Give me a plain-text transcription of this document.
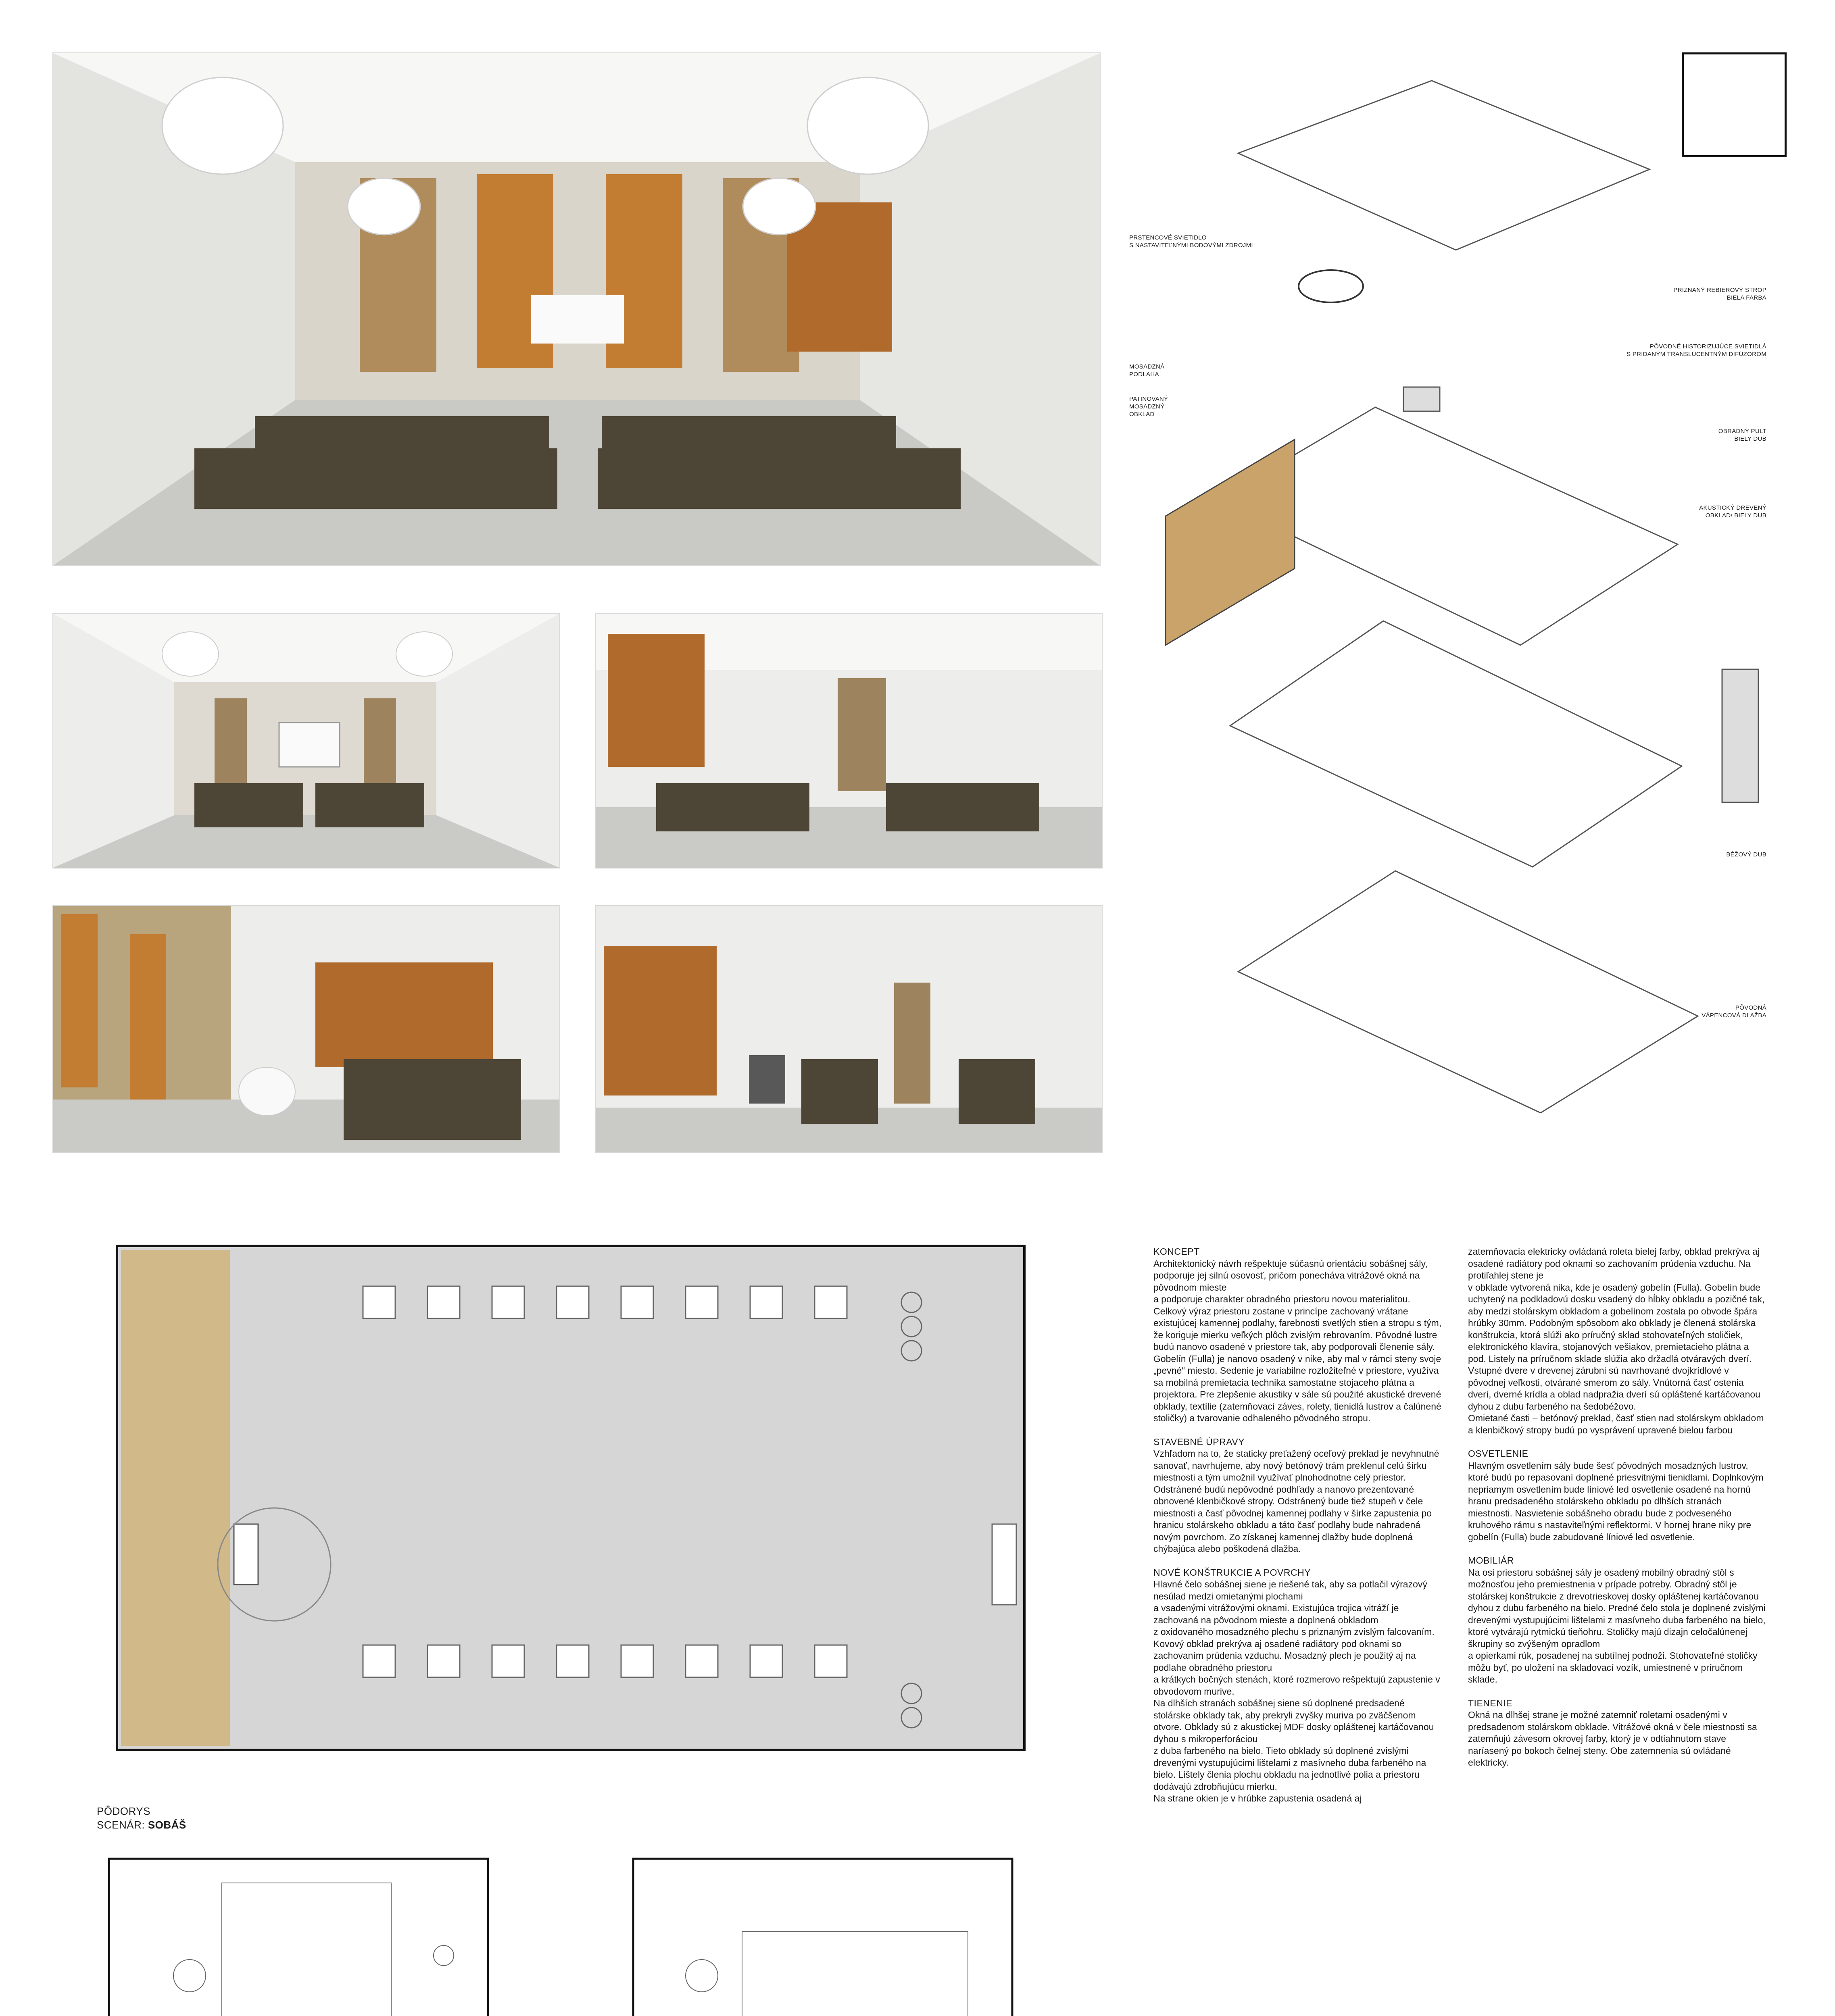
PRSTENCOVÉ SVIETIDLO
S NASTAVITEĽNÝMI BODOVÝMI ZDROJMI
PRIZNANÝ REBIEROVÝ STROP
BIELA FARBA
PÔVODNÉ HISTORIZUJÚCE SVIETIDLÁ
S PRIDANÝM TRANSLUCENTNÝM DIFÚZOROM
MOSADZNÁ
PODLAHA
PATINOVANÝ
MOSADZNÝ
OBKLAD
OBRADNÝ PULT
BIELY DUB
AKUSTICKÝ DREVENÝ
OBKLAD/ BIELY DUB
BÉŽOVÝ DUB
PÔVODNÁ
VÁPENCOVÁ DLAŽBA
PÔDORYS
SCENÁR: SOBÁŠ
KONCEPT

Architektonický návrh rešpektuje súčasnú orientáciu sobášnej sály, podporuje jej silnú osovosť, pričom ponecháva vitrážové okná na pôvodnom mieste
a podporuje charakter obradného priestoru novou materialitou. Celkový výraz priestoru zostane v princípe zachovaný vrátane existujúcej kamennej podlahy, farebnosti svetlých stien a stropu s tým, že koriguje mierku veľkých plôch zvislým rebrovaním. Pôvodné lustre budú nanovo osadené v priestore tak, aby podporovali členenie sály. Gobelín (Fulla) je nanovo osadený v nike, aby mal v rámci steny svoje „pevné“ miesto. Sedenie je variabilne rozložiteľné v priestore, využíva sa mobilná premietacia technika samostatne stojaceho plátna a projektora. Pre zlepšenie akustiky v sále sú použité akustické drevené obklady, textílie (zatemňovací záves, rolety, tienidlá lustrov a čalúnené stoličky) a tvarovanie odhaleného pôvodného stropu.

STAVEBNÉ ÚPRAVY

Vzhľadom na to, že staticky preťažený oceľový preklad je nevyhnutné sanovať, navrhujeme, aby nový betónový trám preklenul celú šírku miestnosti a tým umožnil využívať plnohodnotne celý priestor. Odstránené budú nepôvodné podhľady a nanovo prezentované obnovené klenbičkové stropy. Odstránený bude tiež stupeň v čele miestnosti a časť pôvodnej kamennej podlahy v šírke zapustenia po hranicu stolárskeho obkladu a táto časť podlahy bude nahradená novým povrchom. Zo získanej kamennej dlažby bude doplnená chýbajúca alebo poškodená dlažba.

NOVÉ KONŠTRUKCIE A POVRCHY

Hlavné čelo sobášnej siene je riešené tak, aby sa potlačil výrazový nesúlad medzi omietanými plochami
a vsadenými vitrážovými oknami. Existujúca trojica vitráží je zachovaná na pôvodnom mieste a doplnená obkladom
z oxidovaného mosadzného plechu s priznaným zvislým falcovaním. Kovový obklad prekrýva aj osadené radiátory pod oknami so zachovaním prúdenia vzduchu. Mosadzný plech je použitý aj na podlahe obradného priestoru
a krátkych bočných stenách, ktoré rozmerovo rešpektujú zapustenie v obvodovom murive.
Na dlhších stranách sobášnej siene sú doplnené predsadené stolárske obklady tak, aby prekryli zvyšky muriva po zväčšenom otvore. Obklady sú z akustickej MDF dosky opláštenej kartáčovanou dyhou s mikroperforáciou
z duba farbeného na bielo. Tieto obklady sú doplnené zvislými drevenými vystupujúcimi lištelami z masívneho duba farbeného na bielo. Lištely členia plochu obkladu na jednotlivé polia a priestoru dodávajú zdrobňujúcu mierku.
Na strane okien je v hrúbke zapustenia osadená aj

zatemňovacia elektricky ovládaná roleta bielej farby, obklad prekrýva aj osadené radiátory pod oknami so zachovaním prúdenia vzduchu. Na protiľahlej stene je
v obklade vytvorená nika, kde je osadený gobelín (Fulla). Gobelín bude uchytený na podkladovú dosku vsadený do hĺbky obkladu a pozičné tak, aby medzi stolárskym obkladom a gobelínom zostala po obvode špára hrúbky 30mm. Podobným spôsobom ako obklady je členená stolárska konštrukcia, ktorá slúži ako príručný sklad stohovateľných stoličiek, elektronického klavíra, stojanových vešiakov, premietacieho plátna a pod. Listely na príručnom sklade slúžia ako držadlá otváravých dverí.
Vstupné dvere v drevenej zárubni sú navrhované dvojkrídlové v pôvodnej veľkosti, otvárané smerom zo sály. Vnútorná časť ostenia dverí, dverné krídla a oblad nadpražia dverí sú opláštené kartáčovanou dyhou z dubu farbeného na šedobéžovo.
Omietané časti – betónový preklad, časť stien nad stolárskym obkladom a klenbičkový stropy budú po vysprávení upravené bielou farbou

OSVETLENIE

Hlavným osvetlením sály bude šesť pôvodných mosadzných lustrov, ktoré budú po repasovaní doplnené priesvitnými tienidlami. Doplnkovým nepriamym osvetlením bude líniové led osvetlenie osadené na hornú hranu predsadeného stolárskeho obkladu po dlhších stranách miestnosti. Nasvietenie sobášneho obradu bude z podveseného kruhového rámu s nastaviteľnými reflektormi. V hornej hrane niky pre gobelín (Fulla) bude zabudované líniové led osvetlenie.

MOBILIÁR

Na osi priestoru sobášnej sály je osadený mobilný obradný stôl s možnosťou jeho premiestnenia v prípade potreby. Obradný stôl je stolárskej konštrukcie z drevotrieskovej dosky opláštenej kartáčovanou dyhou z dubu farbeného na bielo. Predné čelo stola je doplnené zvislými drevenými vystupujúcimi lištelami z masívneho duba farbeného na bielo, ktoré vytvárajú rytmickú tieňohru. Stoličky majú dizajn celočalúnenej škrupiny so zvýšeným opradlom
a opierkami rúk, posadenej na subtílnej podnoži. Stohovateľné stoličky môžu byť, po uložení na skladovací vozík, umiestnené v príručnom sklade.

TIENENIE

Okná na dlhšej strane je možné zatemniť roletami osadenými v predsadenom stolárskom obklade. Vitrážové okná v čele miestnosti sa zatemňujú závesom okrovej farby, ktorý je v odtiahnutom stave naríasený po bokoch čelnej steny. Obe zatemnenia sú ovládané elektricky.
